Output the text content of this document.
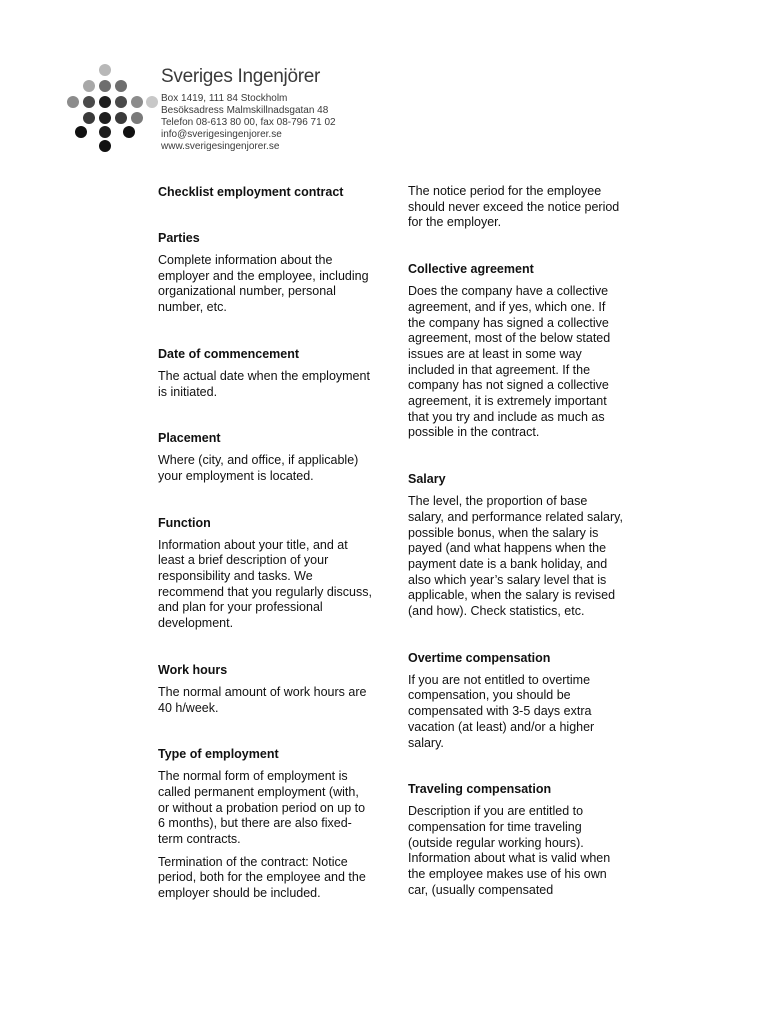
Sveriges Ingenjörer
Box 1419, 111 84 Stockholm
Besöksadress Malmskillnadsgatan 48
Telefon 08-613 80 00, fax 08-796 71 02
info@sverigesingenjorer.se
www.sverigesingenjorer.se

Checklist employment contract

Parties

Complete information about the employer and the employee, including organizational number, personal number, etc.

Date of commencement

The actual date when the employment is initiated.

Placement

Where (city, and office, if applicable) your employment is located.

Function

Information about your title, and at least a brief description of your responsibility and tasks. We recommend that you regularly discuss, and plan for your professional development.

Work hours

The normal amount of work hours are 40 h/week.

Type of employment

The normal form of employment is called permanent employment (with, or without a probation period on up to 6 months), but there are also fixed-term contracts.

Termination of the contract: Notice period, both for the employee and the employer should be included.

The notice period for the employee should never exceed the notice period for the employer.

Collective agreement

Does the company have a collective agreement, and if yes, which one. If the company has signed a collective agreement, most of the below stated issues are at least in some way included in that agreement. If the company has not signed a collective agreement, it is extremely important that you try and include as much as possible in the contract.

Salary

The level, the proportion of base salary, and performance related salary, possible bonus, when the salary is payed (and what happens when the payment date is a bank holiday, and also which year’s salary level that is applicable, when the salary is revised (and how). Check statistics, etc.

Overtime compensation

If you are not entitled to overtime compensation, you should be compensated with 3-5 days extra vacation (at least) and/or a higher salary.

Traveling compensation

Description if you are entitled to compensation for time traveling (outside regular working hours). Information about what is valid when the employee makes use of his own car, (usually compensated
